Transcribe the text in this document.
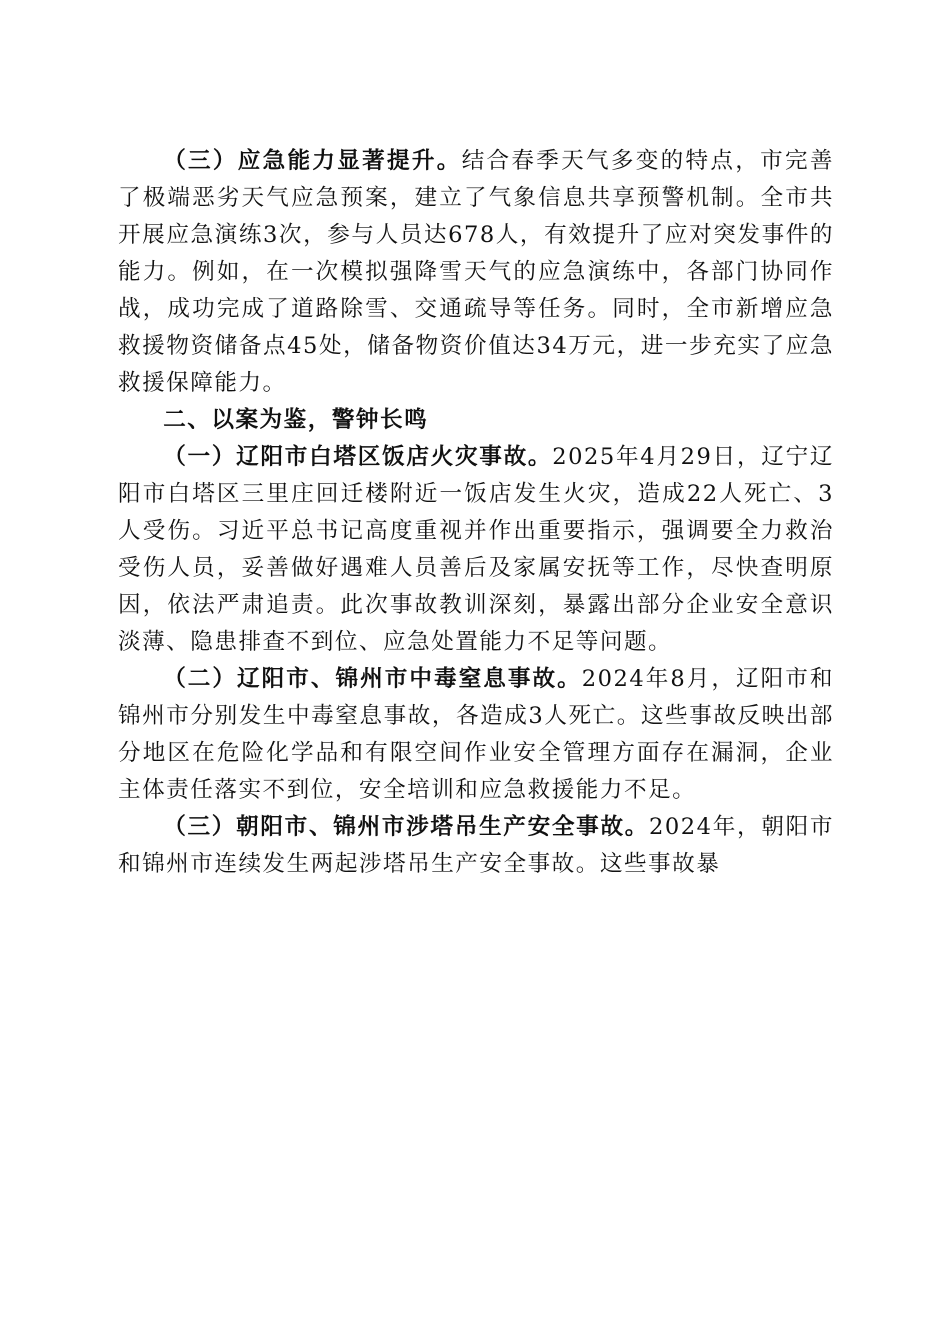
（三）应急能力显著提升。结合春季天气多变的特点，市完善了极端恶劣天气应急预案，建立了气象信息共享预警机制。全市共开展应急演练3次，参与人员达678人，有效提升了应对突发事件的能力。例如，在一次模拟强降雪天气的应急演练中，各部门协同作战，成功完成了道路除雪、交通疏导等任务。同时，全市新增应急救援物资储备点45处，储备物资价值达34万元，进一步充实了应急救援保障能力。

二、以案为鉴，警钟长鸣

（一）辽阳市白塔区饭店火灾事故。2025年4月29日，辽宁辽阳市白塔区三里庄回迁楼附近一饭店发生火灾，造成22人死亡、3人受伤。习近平总书记高度重视并作出重要指示，强调要全力救治受伤人员，妥善做好遇难人员善后及家属安抚等工作，尽快查明原因，依法严肃追责。此次事故教训深刻，暴露出部分企业安全意识淡薄、隐患排查不到位、应急处置能力不足等问题。

（二）辽阳市、锦州市中毒窒息事故。2024年8月，辽阳市和锦州市分别发生中毒窒息事故，各造成3人死亡。这些事故反映出部分地区在危险化学品和有限空间作业安全管理方面存在漏洞，企业主体责任落实不到位，安全培训和应急救援能力不足。

（三）朝阳市、锦州市涉塔吊生产安全事故。2024年，朝阳市和锦州市连续发生两起涉塔吊生产安全事故。这些事故暴
